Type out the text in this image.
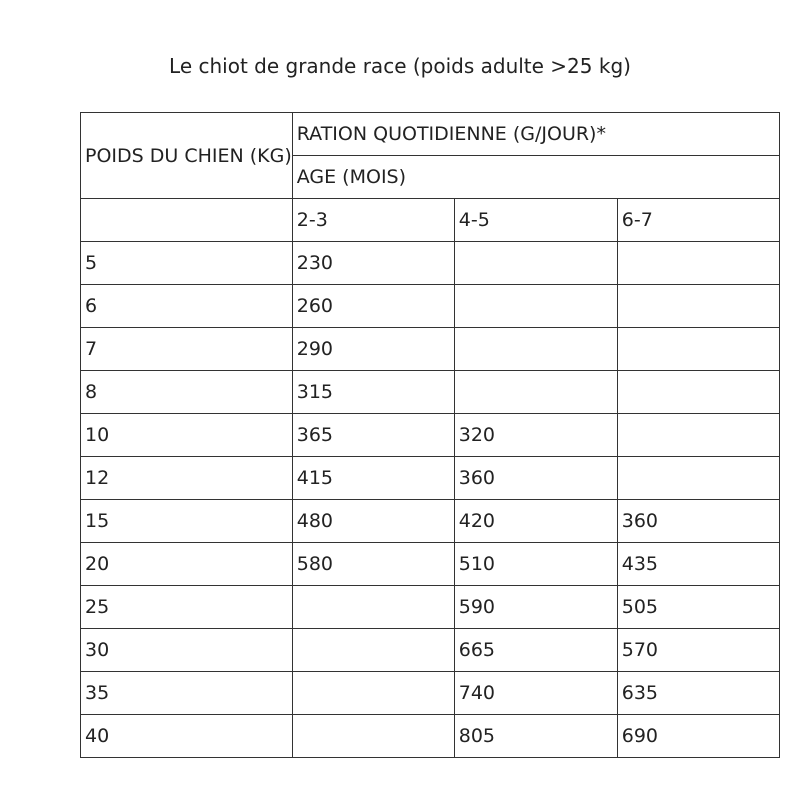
Le chiot de grande race (poids adulte >25 kg)
POIDS DU CHIEN (KG)	RATION QUOTIDIENNE (G/JOUR)*		
	AGE (MOIS)		
	2-3	4-5	6-7
5	230		
6	260		
7	290		
8	315		
10	365	320	
12	415	360	
15	480	420	360
20	580	510	435
25		590	505
30		665	570
35		740	635
40		805	690
